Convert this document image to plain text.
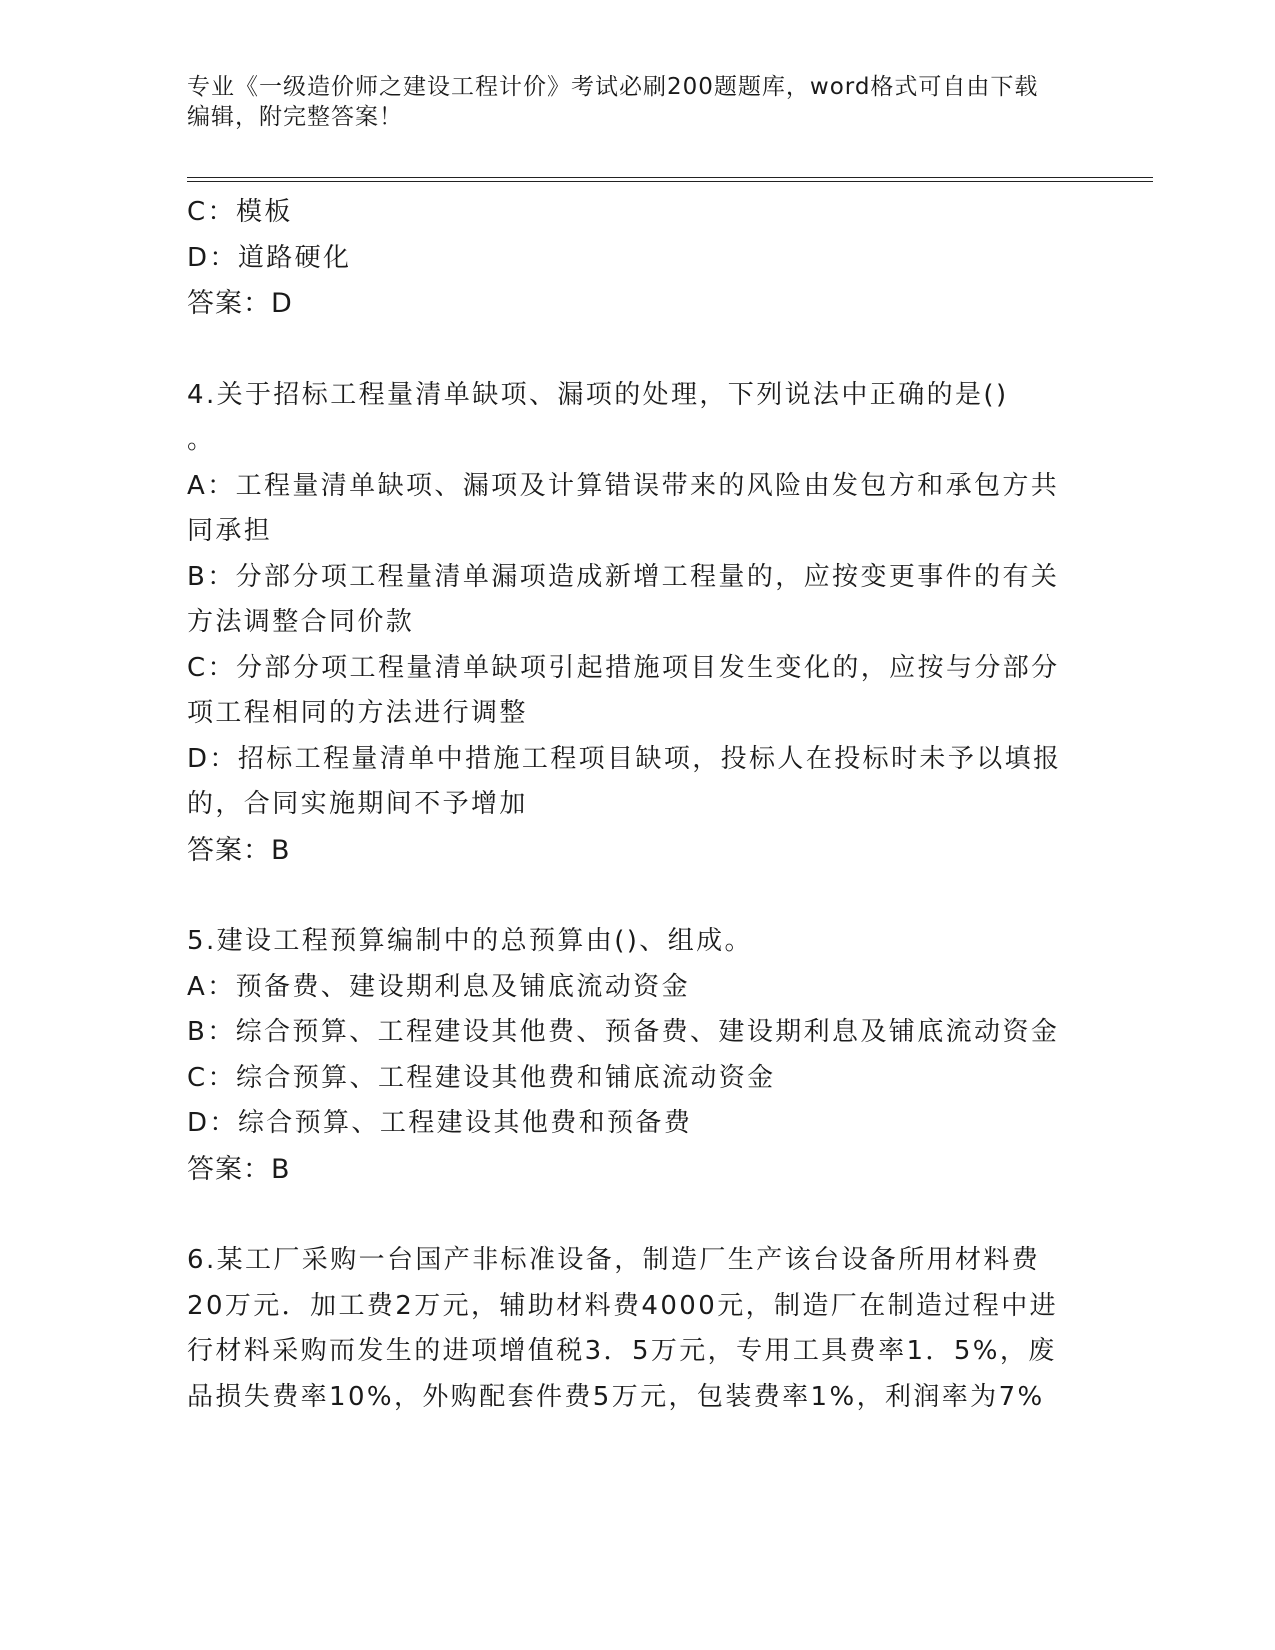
专业《一级造价师之建设工程计价》考试必刷200题题库，word格式可自由下载
编辑，附完整答案！
C：模板
D：道路硬化
答案：D
4.关于招标工程量清单缺项、漏项的处理，下列说法中正确的是()
。
A：工程量清单缺项、漏项及计算错误带来的风险由发包方和承包方共
同承担
B：分部分项工程量清单漏项造成新增工程量的，应按变更事件的有关
方法调整合同价款
C：分部分项工程量清单缺项引起措施项目发生变化的，应按与分部分
项工程相同的方法进行调整
D：招标工程量清单中措施工程项目缺项，投标人在投标时未予以填报
的，合同实施期间不予增加
答案：B
5.建设工程预算编制中的总预算由()、组成。
A：预备费、建设期利息及铺底流动资金
B：综合预算、工程建设其他费、预备费、建设期利息及铺底流动资金
C：综合预算、工程建设其他费和铺底流动资金
D：综合预算、工程建设其他费和预备费
答案：B
6.某工厂采购一台国产非标准设备，制造厂生产该台设备所用材料费
20万元．加工费2万元，辅助材料费4000元，制造厂在制造过程中进
行材料采购而发生的进项增值税3．5万元，专用工具费率1．5%，废
品损失费率10%，外购配套件费5万元，包装费率1%，利润率为7%
